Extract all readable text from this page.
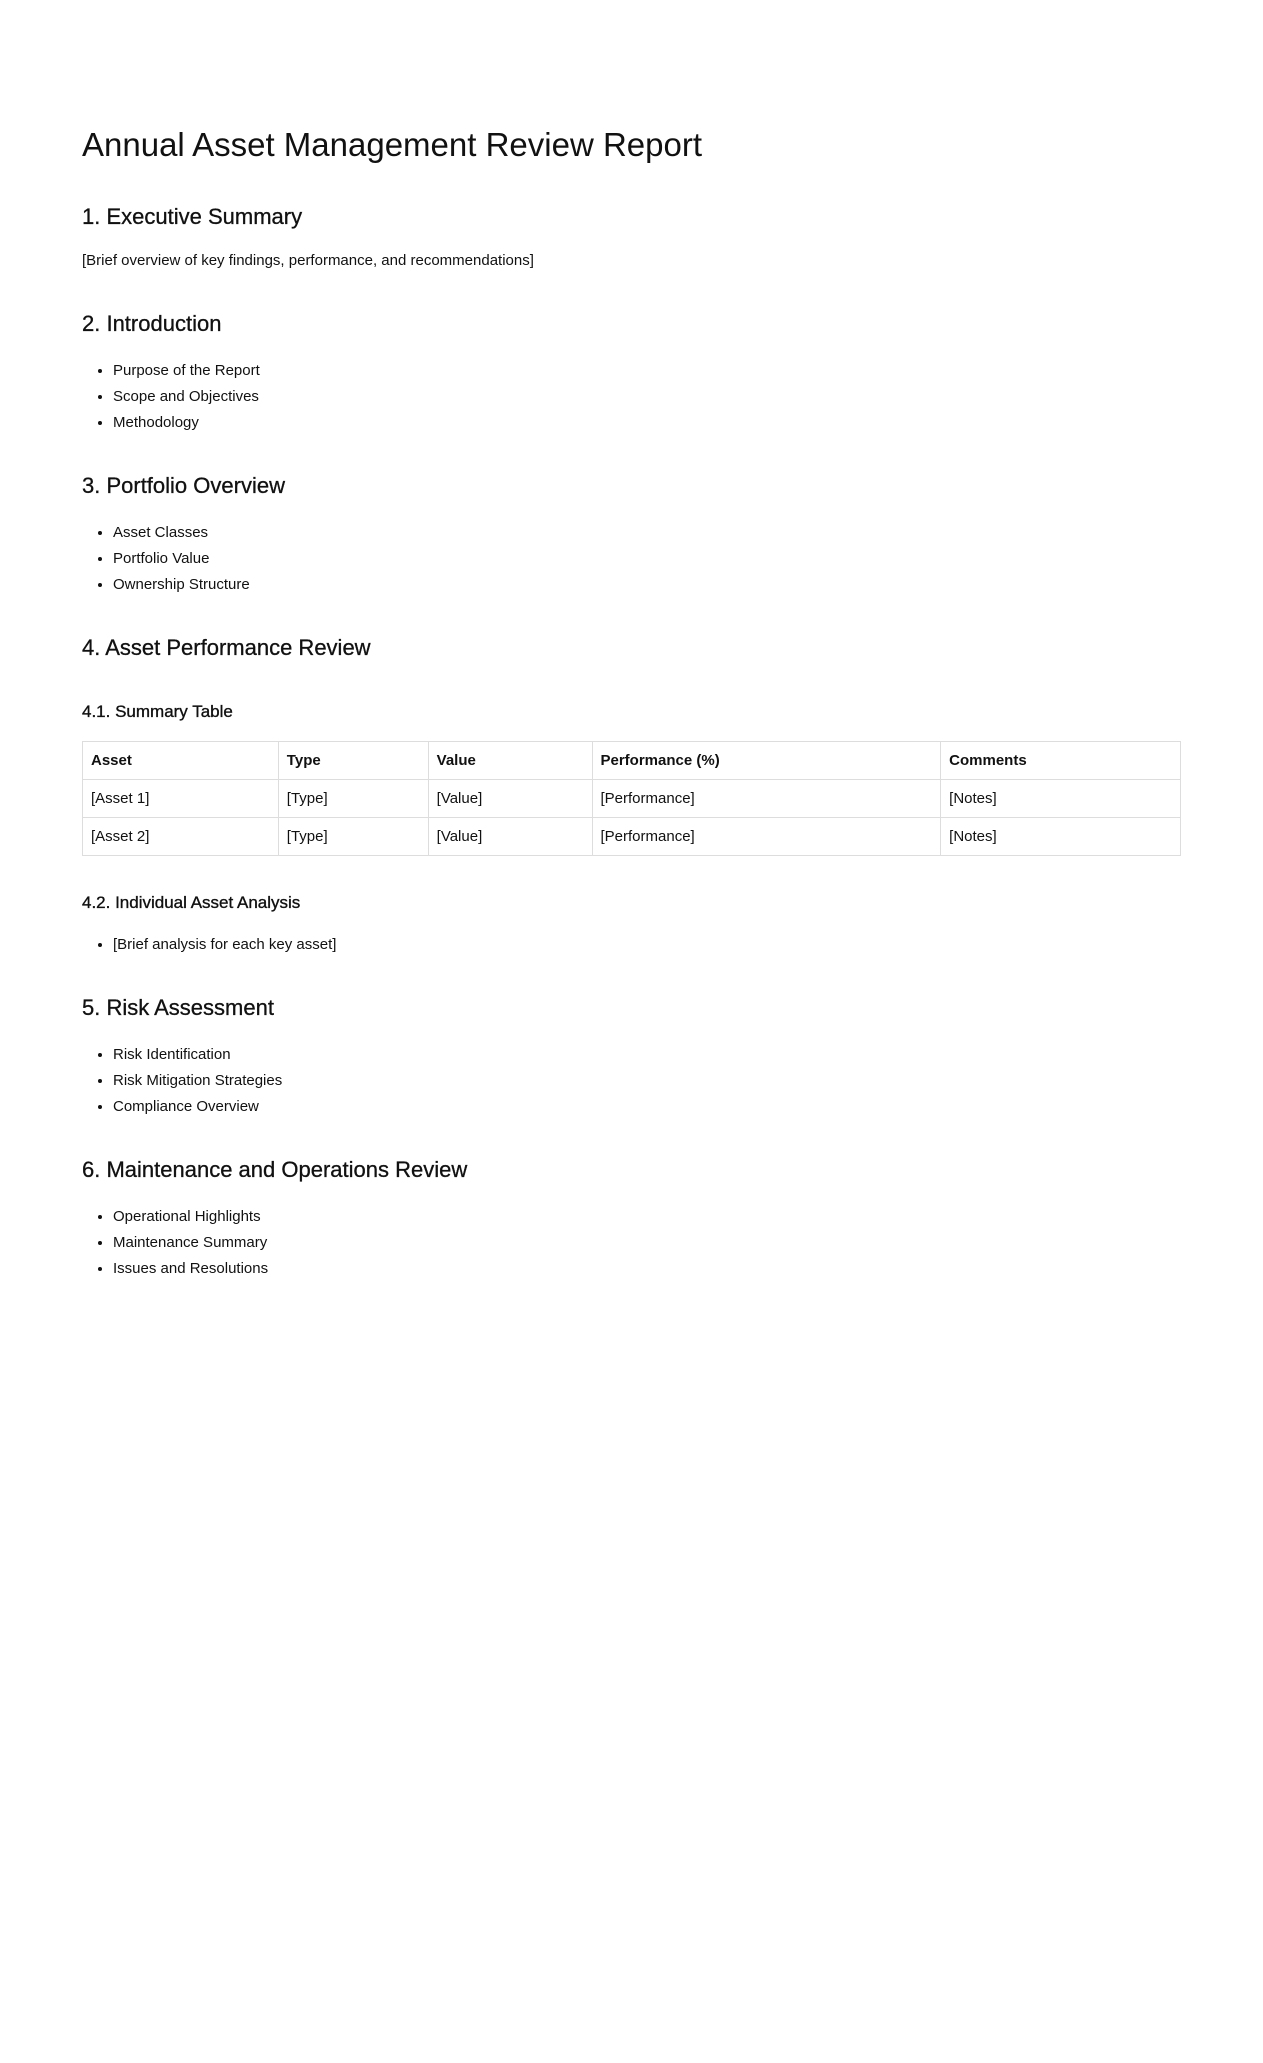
Annual Asset Management Review Report
1. Executive Summary

[Brief overview of key findings, performance, and recommendations]

2. Introduction
• Purpose of the Report
• Scope and Objectives
• Methodology
3. Portfolio Overview
• Asset Classes
• Portfolio Value
• Ownership Structure
4. Asset Performance Review
4.1. Summary Table
Asset	Type	Value	Performance (%)	Comments
[Asset 1]	[Type]	[Value]	[Performance]	[Notes]
[Asset 2]	[Type]	[Value]	[Performance]	[Notes]
4.2. Individual Asset Analysis
• [Brief analysis for each key asset]
5. Risk Assessment
• Risk Identification
• Risk Mitigation Strategies
• Compliance Overview
6. Maintenance and Operations Review
• Operational Highlights
• Maintenance Summary
• Issues and Resolutions
